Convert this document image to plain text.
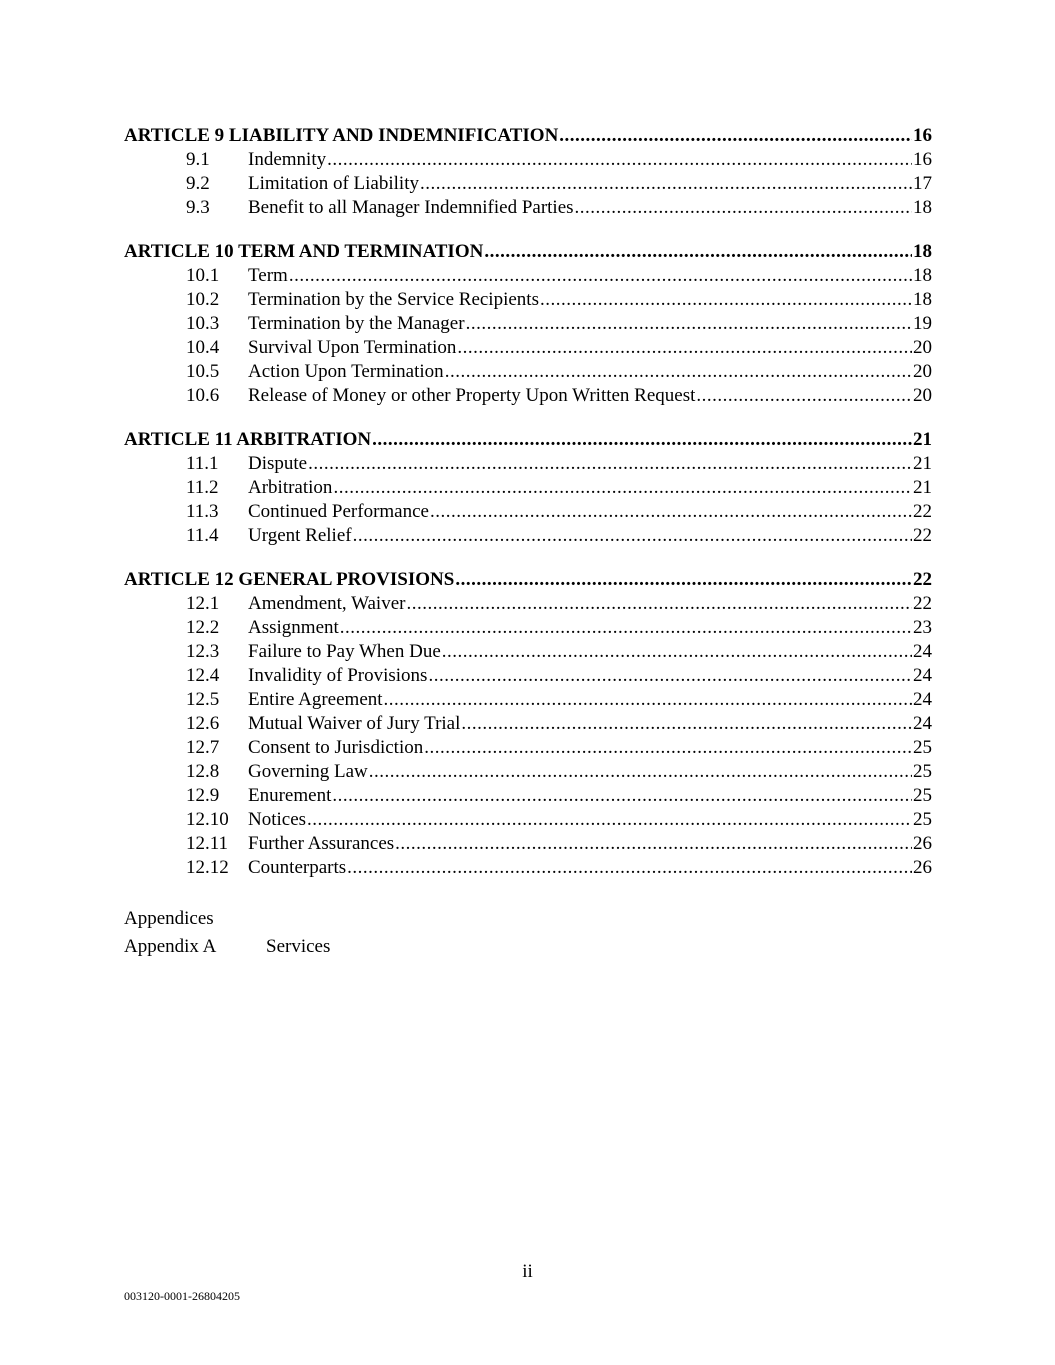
ARTICLE 9 LIABILITY AND INDEMNIFICATION .....	16
9.1	Indemnity .....	16
9.2	Limitation of Liability .....	17
9.3	Benefit to all Manager Indemnified Parties .....	18
ARTICLE 10 TERM AND TERMINATION .....	18
10.1	Term .....	18
10.2	Termination by the Service Recipients .....	18
10.3	Termination by the Manager .....	19
10.4	Survival Upon Termination .....	20
10.5	Action Upon Termination .....	20
10.6	Release of Money or other Property Upon Written Request .....	20
ARTICLE 11 ARBITRATION .....	21
11.1	Dispute .....	21
11.2	Arbitration .....	21
11.3	Continued Performance .....	22
11.4	Urgent Relief .....	22
ARTICLE 12 GENERAL PROVISIONS .....	22
12.1	Amendment, Waiver .....	22
12.2	Assignment .....	23
12.3	Failure to Pay When Due .....	24
12.4	Invalidity of Provisions .....	24
12.5	Entire Agreement .....	24
12.6	Mutual Waiver of Jury Trial .....	24
12.7	Consent to Jurisdiction .....	25
12.8	Governing Law .....	25
12.9	Enurement .....	25
12.10	Notices .....	25
12.11	Further Assurances .....	26
12.12	Counterparts .....	26
Appendices
Appendix A	Services
ii
003120-0001-26804205
